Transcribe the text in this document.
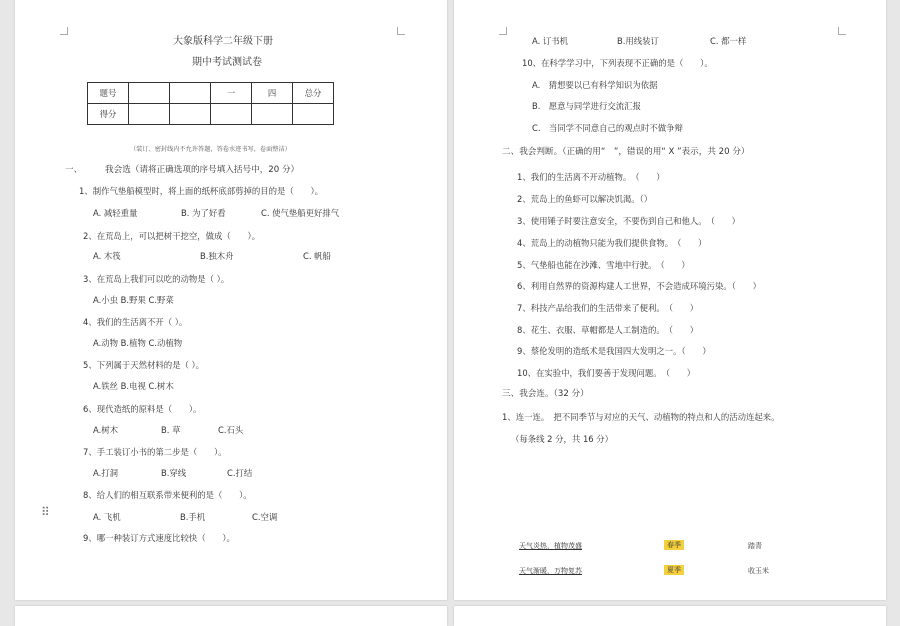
大象版科学二年级下册
期中考试测试卷
题号			一	四	总分
得分					
（装订、密封线内不允许答题，答卷水迹书写，卷面整洁）
一、	我会选（请将正确选项的序号填入括号中，20 分）
1、制作气垫船模型时，将上面的纸杯底部剪掉的目的是（　　）。
A. 减轻重量	B. 为了好看	C. 使气垫船更好排气
2、在荒岛上，可以把树干挖空，做成（　　）。
A. 木筏	B.独木舟	C. 帆船
3、在荒岛上我们可以吃的动物是（ ）。
A.小虫 B.野果 C.野菜
4、我们的生活离不开（ ）。
A.动物 B.植物 C.动植物
5、下列属于天然材料的是（ ）。
A.铁丝 B.电视 C.树木
6、现代造纸的原料是（　　）。
A.树木	B. 草	C.石头
7、手工装订小书的第二步是（　　）。
A.打洞	B.穿线	C.打结
8、给人们的相互联系带来便利的是（　　）。
A. 飞机	B.手机	C.空调
9、哪一种装订方式速度比较快（　　）。
⠿
A. 订书机	B.用线装订	C. 都一样
10、在科学学习中，下列表现不正确的是（　　）。
A.　猜想要以已有科学知识为依据
B.　愿意与同学进行交流汇报
C.　当同学不同意自己的观点时不做争辩
二、我会判断。（正确的用“　”，错误的用“ X ”表示，共 20 分）
1、我们的生活离不开动植物。　（　　）
2、荒岛上的鱼虾可以解决饥渴。（）
3、使用锤子时要注意安全，不要伤到自己和他人。　（　　）
4、荒岛上的动植物只能为我们提供食物。　（　　）
5、气垫船也能在沙滩、雪地中行驶。　（　　）
6、利用自然界的资源构建人工世界，不会造成环境污染。（　　）
7、科技产品给我们的生活带来了便利。　（　　）
8、花生、衣服、草帽都是人工制造的。　（　　）
9、蔡伦发明的造纸术是我国四大发明之一。（　　）
10、在实验中，我们要善于发现问题。　（　　）
三、我会连。（32 分）
1、连一连。　把不同季节与对应的天气、动植物的特点和人的活动连起来。
（每条线 2 分，共 16 分）
天气炎热，植物茂盛
天气渐暖，万物复苏
春季
夏季
踏青
收玉米
